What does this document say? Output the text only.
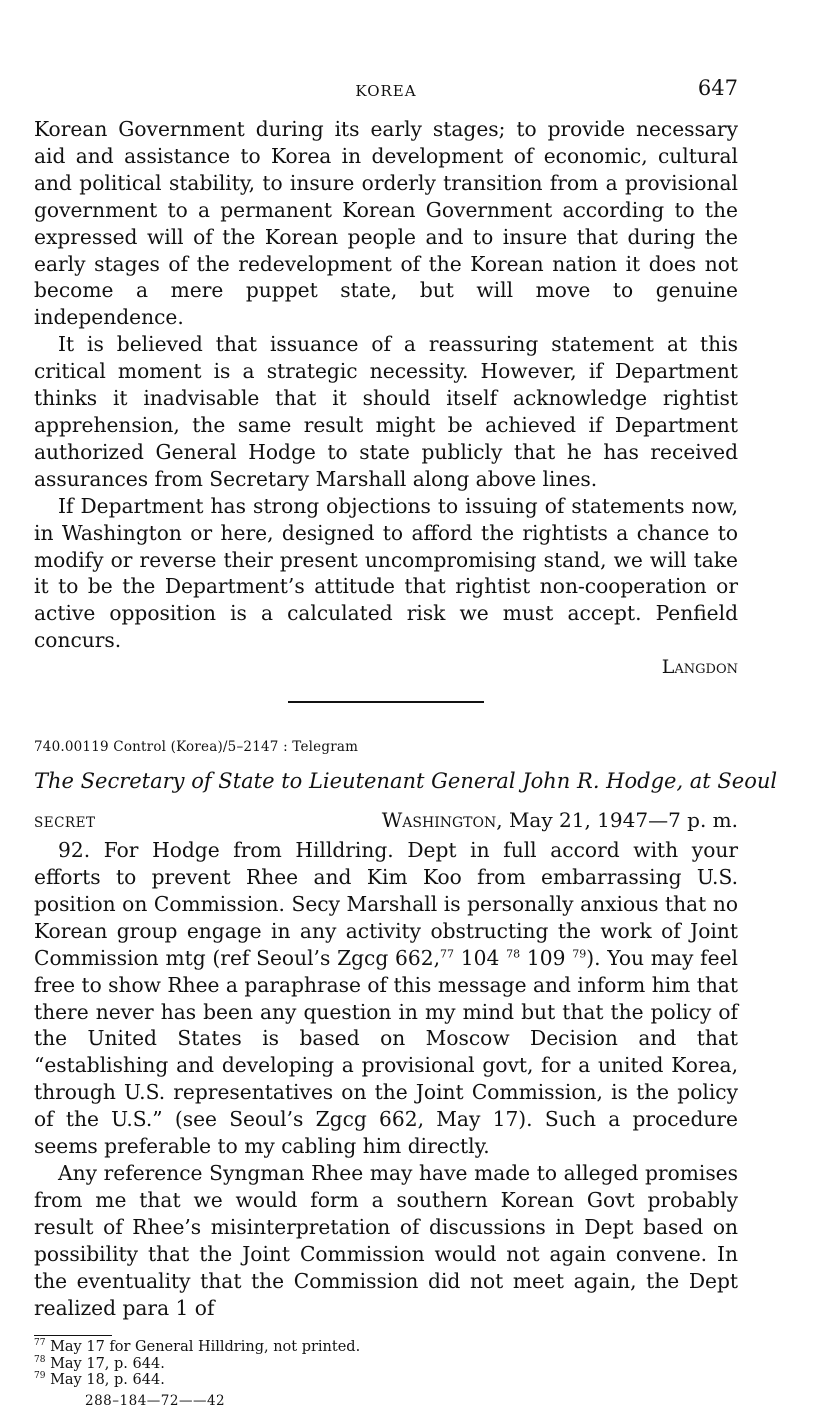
KOREA	647

Korean Government during its early stages; to provide necessary aid and assistance to Korea in development of economic, cultural and political stability, to insure orderly transition from a provisional government to a permanent Korean Government according to the expressed will of the Korean people and to insure that during the early stages of the redevelopment of the Korean nation it does not become a mere puppet state, but will move to genuine independence.

It is believed that issuance of a reassuring statement at this critical moment is a strategic necessity. However, if Department thinks it inadvisable that it should itself acknowledge rightist apprehension, the same result might be achieved if Department authorized General Hodge to state publicly that he has received assurances from Secretary Marshall along above lines.

If Department has strong objections to issuing of statements now, in Washington or here, designed to afford the rightists a chance to modify or reverse their present uncompromising stand, we will take it to be the Department’s attitude that rightist non-cooperation or active opposition is a calculated risk we must accept. Penfield concurs.

Langdon

740.00119 Control (Korea)/5–2147 : Telegram
The Secretary of State to Lieutenant General John R. Hodge, at Seoul
SECRET	Washington, May 21, 1947—7 p. m.

92. For Hodge from Hilldring. Dept in full accord with your efforts to prevent Rhee and Kim Koo from embarrassing U.S. position on Commission. Secy Marshall is personally anxious that no Korean group engage in any activity obstructing the work of Joint Commission mtg (ref Seoul’s Zgcg 662,77 104 $^{78}$ 109 $^{79}$). You may feel free to show Rhee a paraphrase of this message and inform him that there never has been any question in my mind but that the policy of the United States is based on Moscow Decision and that “establishing and developing a provisional govt, for a united Korea, through U.S. representatives on the Joint Commission, is the policy of the U.S.” (see Seoul’s Zgcg 662, May 17). Such a procedure seems preferable to my cabling him directly.

Any reference Syngman Rhee may have made to alleged promises from me that we would form a southern Korean Govt probably result of Rhee’s misinterpretation of discussions in Dept based on possibility that the Joint Commission would not again convene. In the eventuality that the Commission did not meet again, the Dept realized para 1 of

$^{77}$ May 17 for General Hilldring, not printed.
$^{78}$ May 17, p. 644.
$^{79}$ May 18, p. 644.
288–184—72——42
